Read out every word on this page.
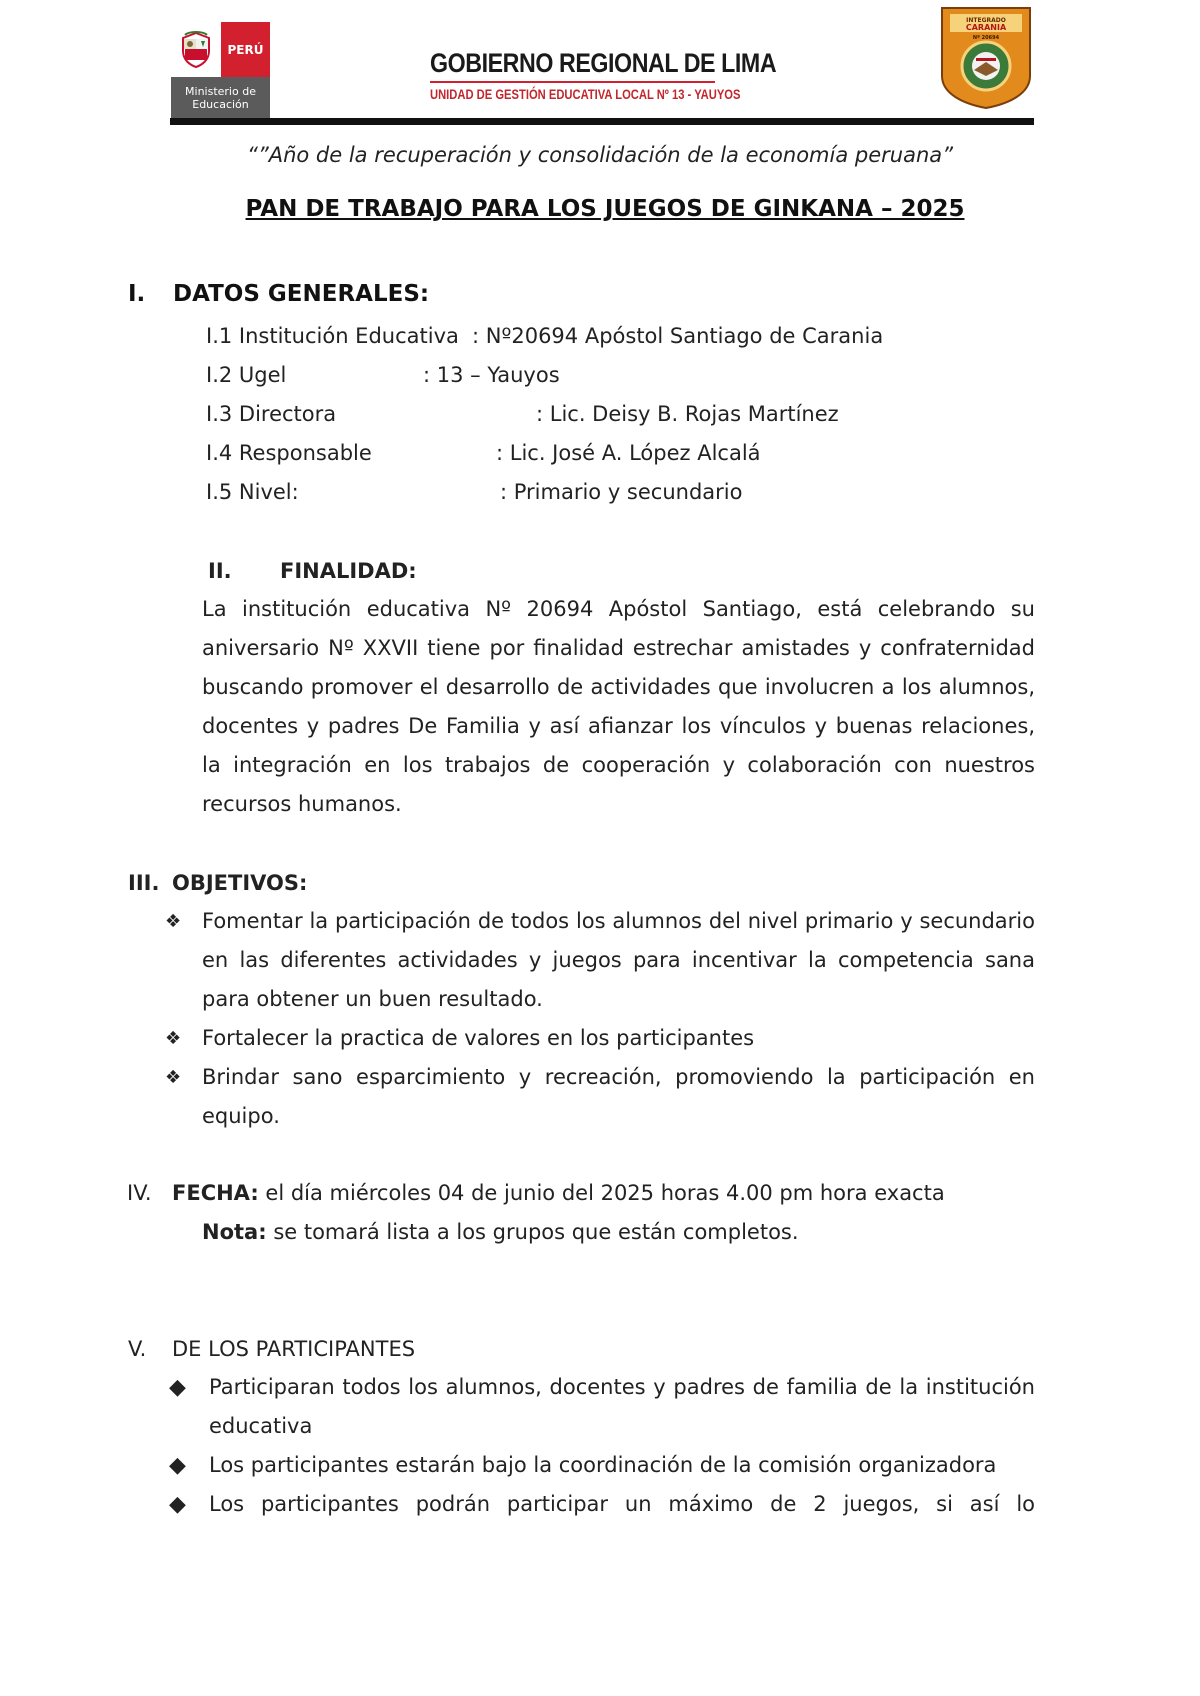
PERÚ
Ministerio de Educación
GOBIERNO REGIONAL DE LIMA
UNIDAD DE GESTIÓN EDUCATIVA LOCAL Nº 13 - YAUYOS
INTEGRADO
CARANIA
Nº 20694
“”Año de la recuperación y consolidación de la economía peruana”
PAN DE TRABAJO PARA LOS JUEGOS DE GINKANA – 2025
I. DATOS GENERALES:
I.1 Institución Educativa : Nº20694 Apóstol Santiago de Carania
I.2 Ugel	: 13 – Yauyos
I.3 Directora	: Lic. Deisy B. Rojas Martínez
I.4 Responsable	: Lic. José A. López Alcalá
I.5 Nivel:	: Primario y secundario
II. FINALIDAD:
La institución educativa Nº 20694 Apóstol Santiago, está celebrando su aniversario Nº XXVII tiene por finalidad estrechar amistades y confraternidad buscando promover el desarrollo de actividades que involucren a los alumnos, docentes y padres De Familia y así afianzar los vínculos y buenas relaciones, la integración en los trabajos de cooperación y colaboración con nuestros recursos humanos.
III. OBJETIVOS:
❖ Fomentar la participación de todos los alumnos del nivel primario y secundario en las diferentes actividades y juegos para incentivar la competencia sana para obtener un buen resultado.
❖ Fortalecer la practica de valores en los participantes
❖ Brindar sano esparcimiento y recreación, promoviendo la participación en equipo.
IV. FECHA: el día miércoles 04 de junio del 2025 horas 4.00 pm hora exacta
Nota: se tomará lista a los grupos que están completos.
V. DE LOS PARTICIPANTES
◆ Participaran todos los alumnos, docentes y padres de familia de la institución educativa
◆ Los participantes estarán bajo la coordinación de la comisión organizadora
◆ Los participantes podrán participar un máximo de 2 juegos, si así lo
